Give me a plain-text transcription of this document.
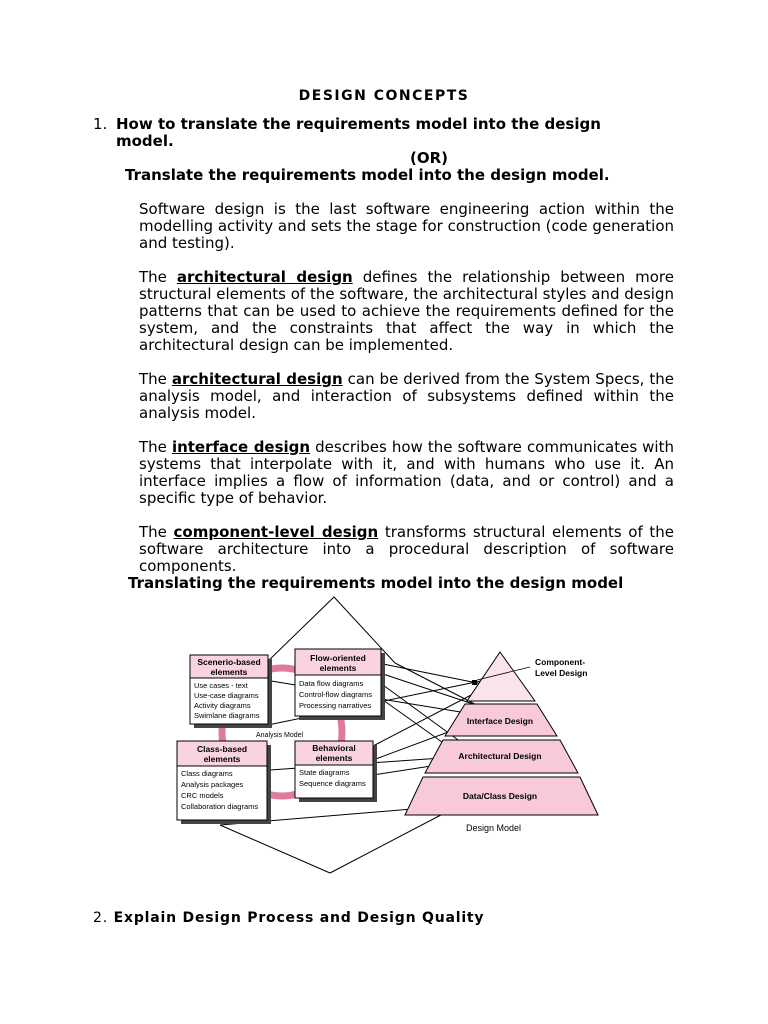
DESIGN CONCEPTS
1. How to translate the requirements model into the design
model.
(OR)
Translate the requirements model into the design model.

Software design is the last software engineering action within the modelling activity and sets the stage for construction (code generation and testing).

The architectural design defines the relationship between more structural elements of the software, the architectural styles and design patterns that can be used to achieve the requirements defined for the system, and the constraints that affect the way in which the architectural design can be implemented.

The architectural design can be derived from the System Specs, the analysis model, and interaction of subsystems defined within the analysis model.

The interface design describes how the software communicates with systems that interpolate with it, and with humans who use it. An interface implies a flow of information (data, and or control) and a specific type of behavior.

The component-level design transforms structural elements of the software architecture into a procedural description of software components.

Translating the requirements model into the design model
Scenerio-based
elements
Use cases - text
Use-case diagrams
Activity diagrams
Swimlane diagrams
Flow-oriented
elements
Data flow diagrams
Control-flow diagrams
Processing narratives
Analysis Model
Class-based
elements
Class diagrams
Analysis packages
CRC models
Collaboration diagrams
Behavioral
elements
State diagrams
Sequence diagrams
Component-
Level Design
Interface Design
Architectural Design
Data/Class Design
Design Model
2. Explain Design Process and Design Quality
